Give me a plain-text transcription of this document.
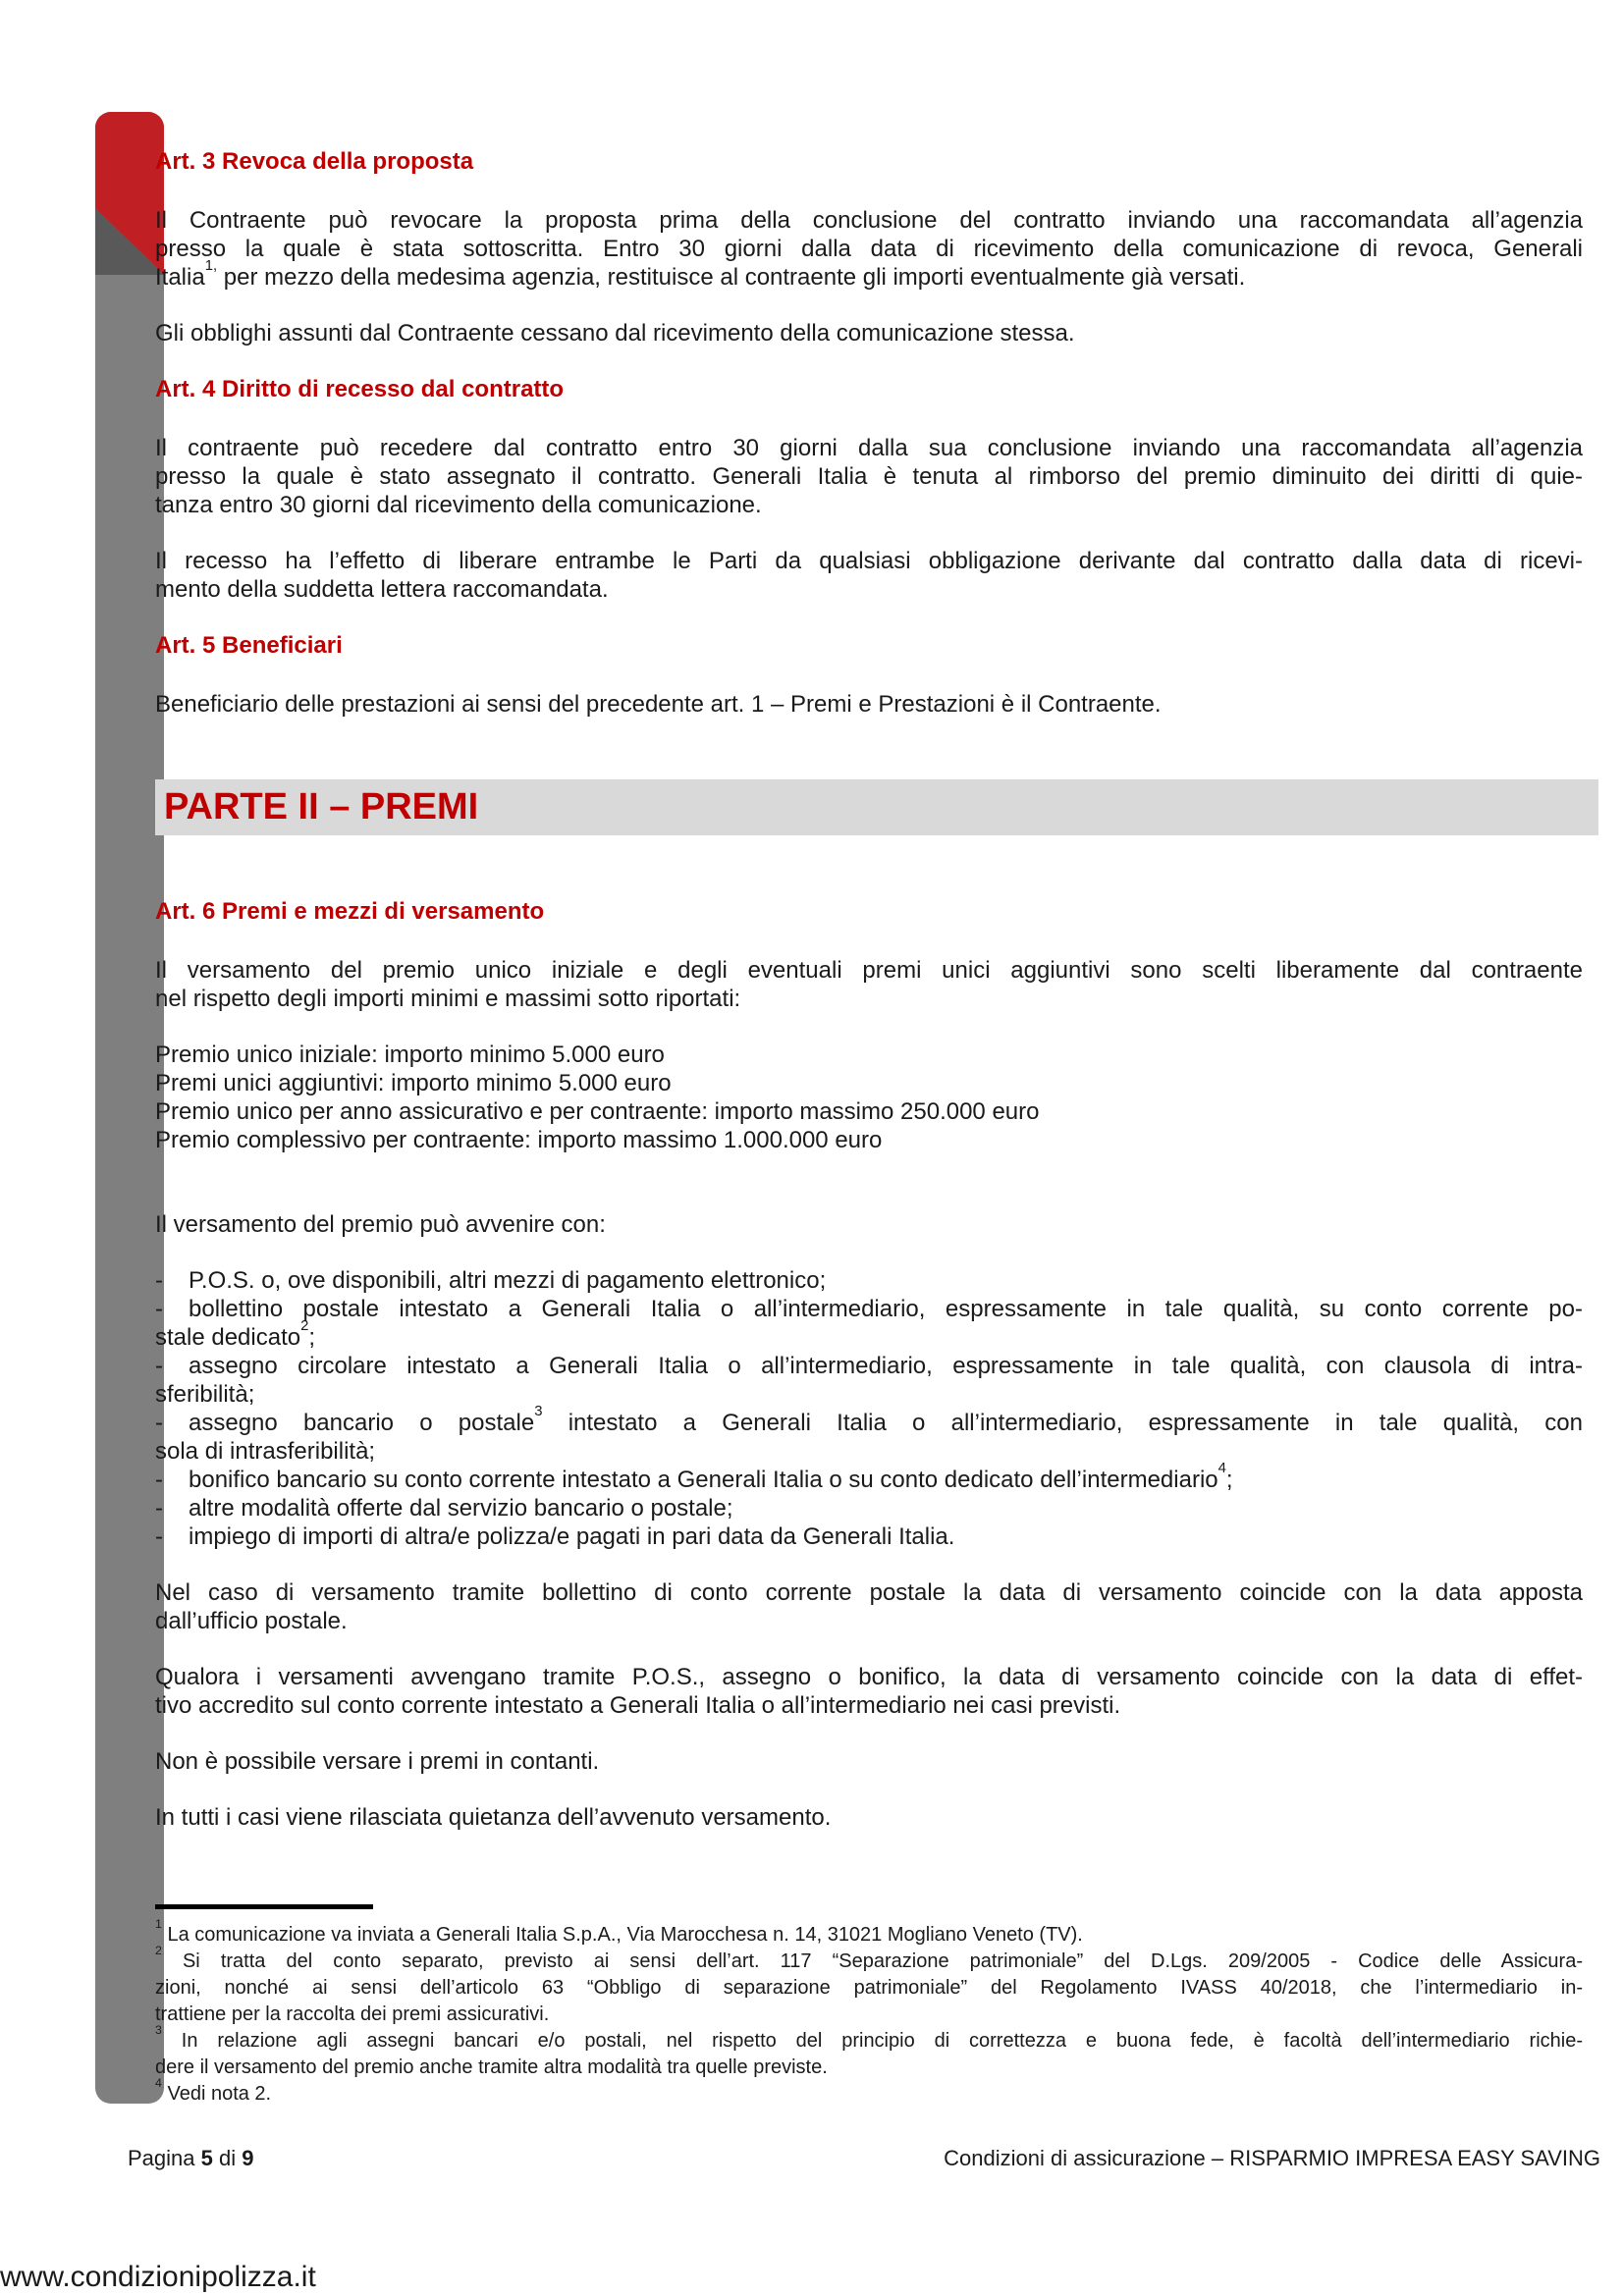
Art. 3 Revoca della proposta
Il Contraente può revocare la proposta prima della conclusione del contratto inviando una raccomandata all’agenzia
presso la quale è stata sottoscritta. Entro 30 giorni dalla data di ricevimento della comunicazione di revoca, Generali
Italia$^{1,}$ per mezzo della medesima agenzia, restituisce al contraente gli importi eventualmente già versati.
Gli obblighi assunti dal Contraente cessano dal ricevimento della comunicazione stessa.
Art. 4 Diritto di recesso dal contratto
Il contraente può recedere dal contratto entro 30 giorni dalla sua conclusione inviando una raccomandata all’agenzia
presso la quale è stato assegnato il contratto. Generali Italia è tenuta al rimborso del premio diminuito dei diritti di quie-
tanza entro 30 giorni dal ricevimento della comunicazione.
Il recesso ha l’effetto di liberare entrambe le Parti da qualsiasi obbligazione derivante dal contratto dalla data di ricevi-
mento della suddetta lettera raccomandata.
Art. 5 Beneficiari
Beneficiario delle prestazioni ai sensi del precedente art. 1 – Premi e Prestazioni è il Contraente.
PARTE II – PREMI
Art. 6 Premi e mezzi di versamento
Il versamento del premio unico iniziale e degli eventuali premi unici aggiuntivi sono scelti liberamente dal contraente
nel rispetto degli importi minimi e massimi sotto riportati:
Premio unico iniziale: importo minimo 5.000 euro
Premi unici aggiuntivi: importo minimo 5.000 euro
Premio unico per anno assicurativo e per contraente: importo massimo 250.000 euro
Premio complessivo per contraente: importo massimo 1.000.000 euro
Il versamento del premio può avvenire con:
- P.O.S. o, ove disponibili, altri mezzi di pagamento elettronico;
- bollettino postale intestato a Generali Italia o all’intermediario, espressamente in tale qualità, su conto corrente po-
stale dedicato$^2$;
- assegno circolare intestato a Generali Italia o all’intermediario, espressamente in tale qualità, con clausola di intra-
sferibilità;
- assegno bancario o postale$^3$ intestato a Generali Italia o all’intermediario, espressamente in tale qualità, con
sola di intrasferibilità;
- bonifico bancario su conto corrente intestato a Generali Italia o su conto dedicato dell’intermediario$^4$;
- altre modalità offerte dal servizio bancario o postale;
- impiego di importi di altra/e polizza/e pagati in pari data da Generali Italia.
Nel caso di versamento tramite bollettino di conto corrente postale la data di versamento coincide con la data apposta
dall’ufficio postale.
Qualora i versamenti avvengano tramite P.O.S., assegno o bonifico, la data di versamento coincide con la data di effet-
tivo accredito sul conto corrente intestato a Generali Italia o all’intermediario nei casi previsti.
Non è possibile versare i premi in contanti.
In tutti i casi viene rilasciata quietanza dell’avvenuto versamento.
$^1$ La comunicazione va inviata a Generali Italia S.p.A., Via Marocchesa n. 14, 31021 Mogliano Veneto (TV).
$^2$ Si tratta del conto separato, previsto ai sensi dell’art. 117 “Separazione patrimoniale” del D.Lgs. 209/2005 - Codice delle Assicura-
zioni, nonché ai sensi dell’articolo 63 “Obbligo di separazione patrimoniale” del Regolamento IVASS 40/2018, che l’intermediario in-
trattiene per la raccolta dei premi assicurativi.
$^3$ In relazione agli assegni bancari e/o postali, nel rispetto del principio di correttezza e buona fede, è facoltà dell’intermediario richie-
dere il versamento del premio anche tramite altra modalità tra quelle previste.
$^4$ Vedi nota 2.
Pagina 5 di 9	Condizioni di assicurazione – RISPARMIO IMPRESA EASY SAVING
www.condizionipolizza.it
